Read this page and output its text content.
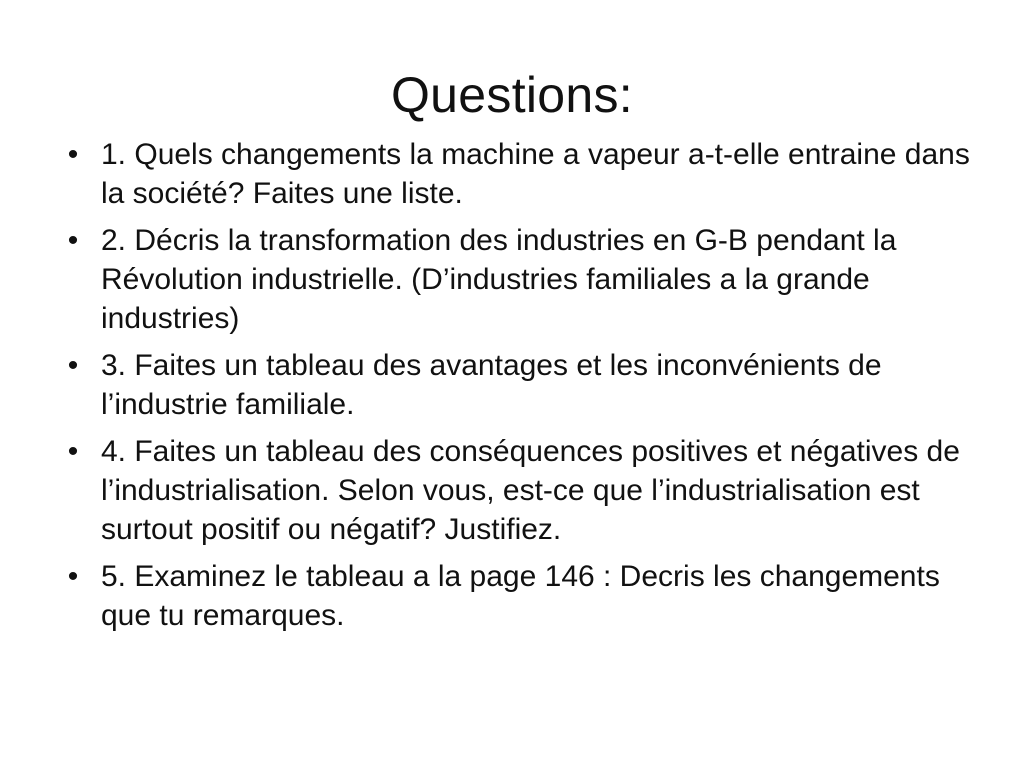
Questions:
• 1. Quels changements la machine a vapeur a-t-elle entraine dans la société? Faites une liste.
• 2. Décris la transformation des industries en G-B pendant la Révolution industrielle. (D’industries familiales a la grande industries)
• 3. Faites un tableau des avantages et les inconvénients de l’industrie familiale.
• 4. Faites un tableau des conséquences positives et négatives de l’industrialisation. Selon vous, est-ce que l’industrialisation est surtout positif ou négatif? Justifiez.
• 5. Examinez le tableau a la page 146 : Decris les changements que tu remarques.
